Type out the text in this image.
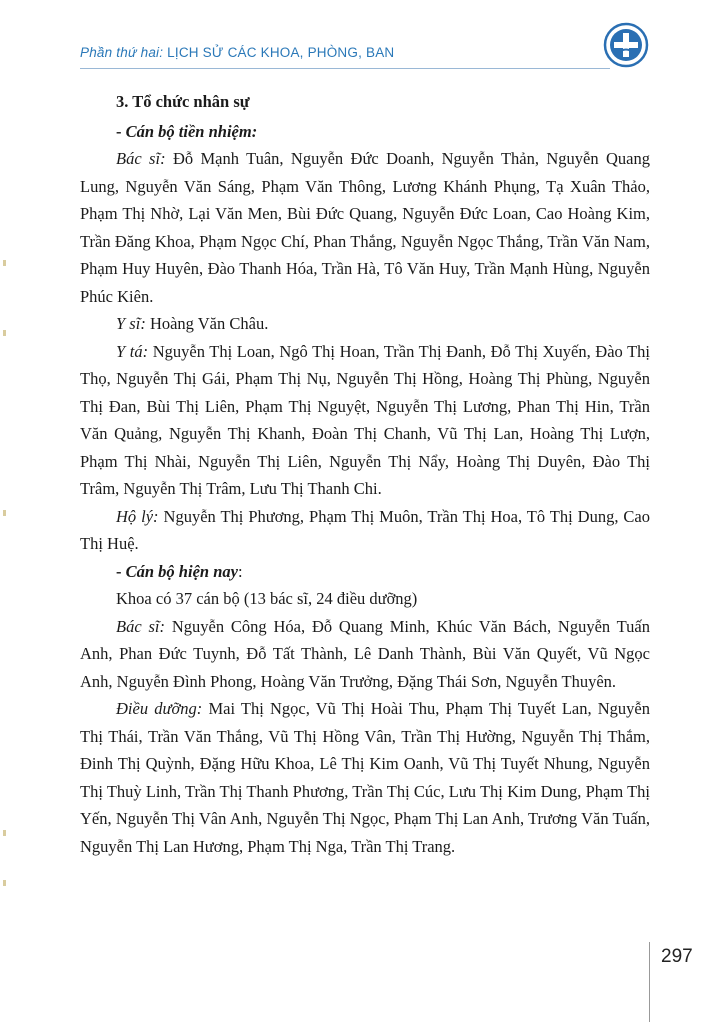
Phần thứ hai: LỊCH SỬ CÁC KHOA, PHÒNG, BAN

3. Tổ chức nhân sự

- Cán bộ tiền nhiệm:

Bác sĩ: Đỗ Mạnh Tuân, Nguyễn Đức Doanh, Nguyễn Thản, Nguyễn Quang Lung, Nguyễn Văn Sáng, Phạm Văn Thông, Lương Khánh Phụng, Tạ Xuân Thảo, Phạm Thị Nhờ, Lại Văn Men, Bùi Đức Quang, Nguyễn Đức Loan, Cao Hoàng Kim, Trần Đăng Khoa, Phạm Ngọc Chí, Phan Thắng, Nguyễn Ngọc Thắng, Trần Văn Nam, Phạm Huy Huyên, Đào Thanh Hóa, Trần Hà, Tô Văn Huy, Trần Mạnh Hùng, Nguyễn Phúc Kiên.

Y sĩ: Hoàng Văn Châu.

Y tá: Nguyễn Thị Loan, Ngô Thị Hoan, Trần Thị Đanh, Đỗ Thị Xuyến, Đào Thị Thọ, Nguyễn Thị Gái, Phạm Thị Nụ, Nguyễn Thị Hồng, Hoàng Thị Phùng, Nguyễn Thị Đan, Bùi Thị Liên, Phạm Thị Nguyệt, Nguyễn Thị Lương, Phan Thị Hin, Trần Văn Quảng, Nguyễn Thị Khanh, Đoàn Thị Chanh, Vũ Thị Lan, Hoàng Thị Lượn, Phạm Thị Nhài, Nguyễn Thị Liên, Nguyễn Thị Nẩy, Hoàng Thị Duyên, Đào Thị Trâm, Nguyễn Thị Trâm, Lưu Thị Thanh Chi.

Hộ lý: Nguyễn Thị Phương, Phạm Thị Muôn, Trần Thị Hoa, Tô Thị Dung, Cao Thị Huệ.

- Cán bộ hiện nay:

Khoa có 37 cán bộ (13 bác sĩ, 24 điều dưỡng)

Bác sĩ: Nguyễn Công Hóa, Đỗ Quang Minh, Khúc Văn Bách, Nguyễn Tuấn Anh, Phan Đức Tuynh, Đỗ Tất Thành, Lê Danh Thành, Bùi Văn Quyết, Vũ Ngọc Anh, Nguyễn Đình Phong, Hoàng Văn Trưởng, Đặng Thái Sơn, Nguyễn Thuyên.

Điều dưỡng: Mai Thị Ngọc, Vũ Thị Hoài Thu, Phạm Thị Tuyết Lan, Nguyễn Thị Thái, Trần Văn Thắng, Vũ Thị Hồng Vân, Trần Thị Hường, Nguyễn Thị Thắm, Đinh Thị Quỳnh, Đặng Hữu Khoa, Lê Thị Kim Oanh, Vũ Thị Tuyết Nhung, Nguyễn Thị Thuỳ Linh, Trần Thị Thanh Phương, Trần Thị Cúc, Lưu Thị Kim Dung, Phạm Thị Yến, Nguyễn Thị Vân Anh, Nguyễn Thị Ngọc, Phạm Thị Lan Anh, Trương Văn Tuấn, Nguyễn Thị Lan Hương, Phạm Thị Nga, Trần Thị Trang.

297
